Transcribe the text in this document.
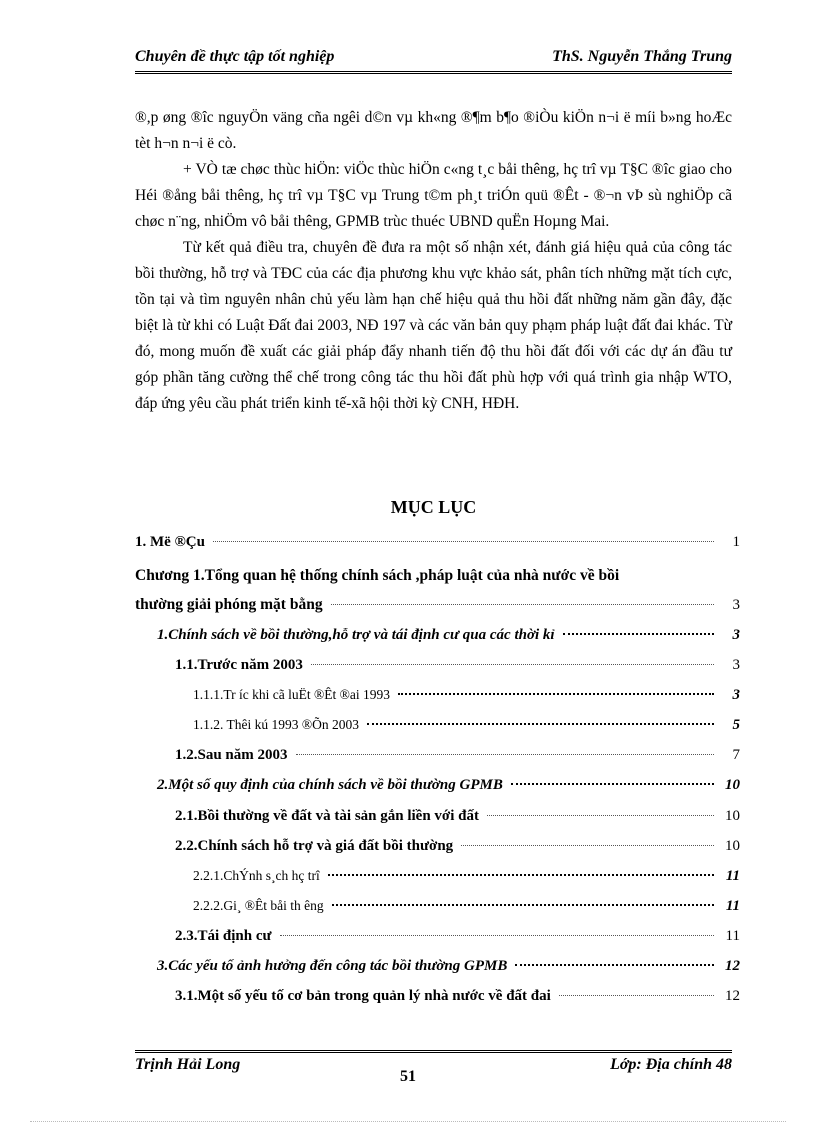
Chuyên đề thực tập tốt nghiệp	ThS. Nguyễn Thắng Trung

®,p øng ®îc nguyÖn väng cña ngêi d©n vµ kh«ng ®¶m b¶o ®iÒu kiÖn n¬i ë míi b»ng hoÆc tèt h¬n n¬i ë cò.

+ VÒ tæ chøc thùc hiÖn: viÖc thùc hiÖn c«ng t¸c båi thêng, hç trî vµ T§C ®îc giao cho Héi ®ång båi thêng, hç trî vµ T§C vµ Trung t©m ph¸t triÓn quü ®Êt - ®¬n vÞ sù nghiÖp cã chøc n¨ng, nhiÖm vô båi thêng, GPMB trùc thuéc UBND quËn Hoµng Mai.

Từ kết quả điều tra, chuyên đề đưa ra một số nhận xét, đánh giá hiệu quả của công tác bồi thường, hỗ trợ và TĐC của các địa phương khu vực khảo sát, phân tích những mặt tích cực, tồn tại và tìm nguyên nhân chủ yếu làm hạn chế hiệu quả thu hồi đất những năm gần đây, đặc biệt là từ khi có Luật Đất đai 2003, NĐ 197 và các văn bản quy phạm pháp luật đất đai khác. Từ đó, mong muốn đề xuất các giải pháp đẩy nhanh tiến độ thu hồi đất đối với các dự án đầu tư góp phần tăng cường thể chế trong công tác thu hồi đất phù hợp với quá trình gia nhập WTO, đáp ứng yêu cầu phát triển kinh tế-xã hội thời kỳ CNH, HĐH.

MỤC LỤC
1. Më ®Çu	1
Chương 1.Tổng quan hệ thống chính sách ,pháp luật của nhà nước về bồi
thường giải phóng mặt bằng	3
1.Chính sách về bồi thường,hỗ trợ và tái định cư qua các thời kỉ	3
1.1.Trước năm 2003	3
1.1.1.Tr íc khi cã luËt ®Êt ®ai 1993	3
1.1.2. Thêi kú 1993 ®Õn 2003	5
1.2.Sau năm 2003	7
2.Một số quy định của chính sách về bồi thường GPMB	10
2.1.Bồi thường về đất và tài sản gắn liền với đất	10
2.2.Chính sách hỗ trợ và giá đất bồi thường	10
2.2.1.ChÝnh s¸ch hç trî	11
2.2.2.Gi¸ ®Êt båi th êng	11
2.3.Tái định cư	11
3.Các yếu tố ảnh hưởng đến công tác bồi thường GPMB	12
3.1.Một số yếu tố cơ bản trong quản lý nhà nước về đất đai	12
Trịnh Hải Long	Lớp: Địa chính 48
51
